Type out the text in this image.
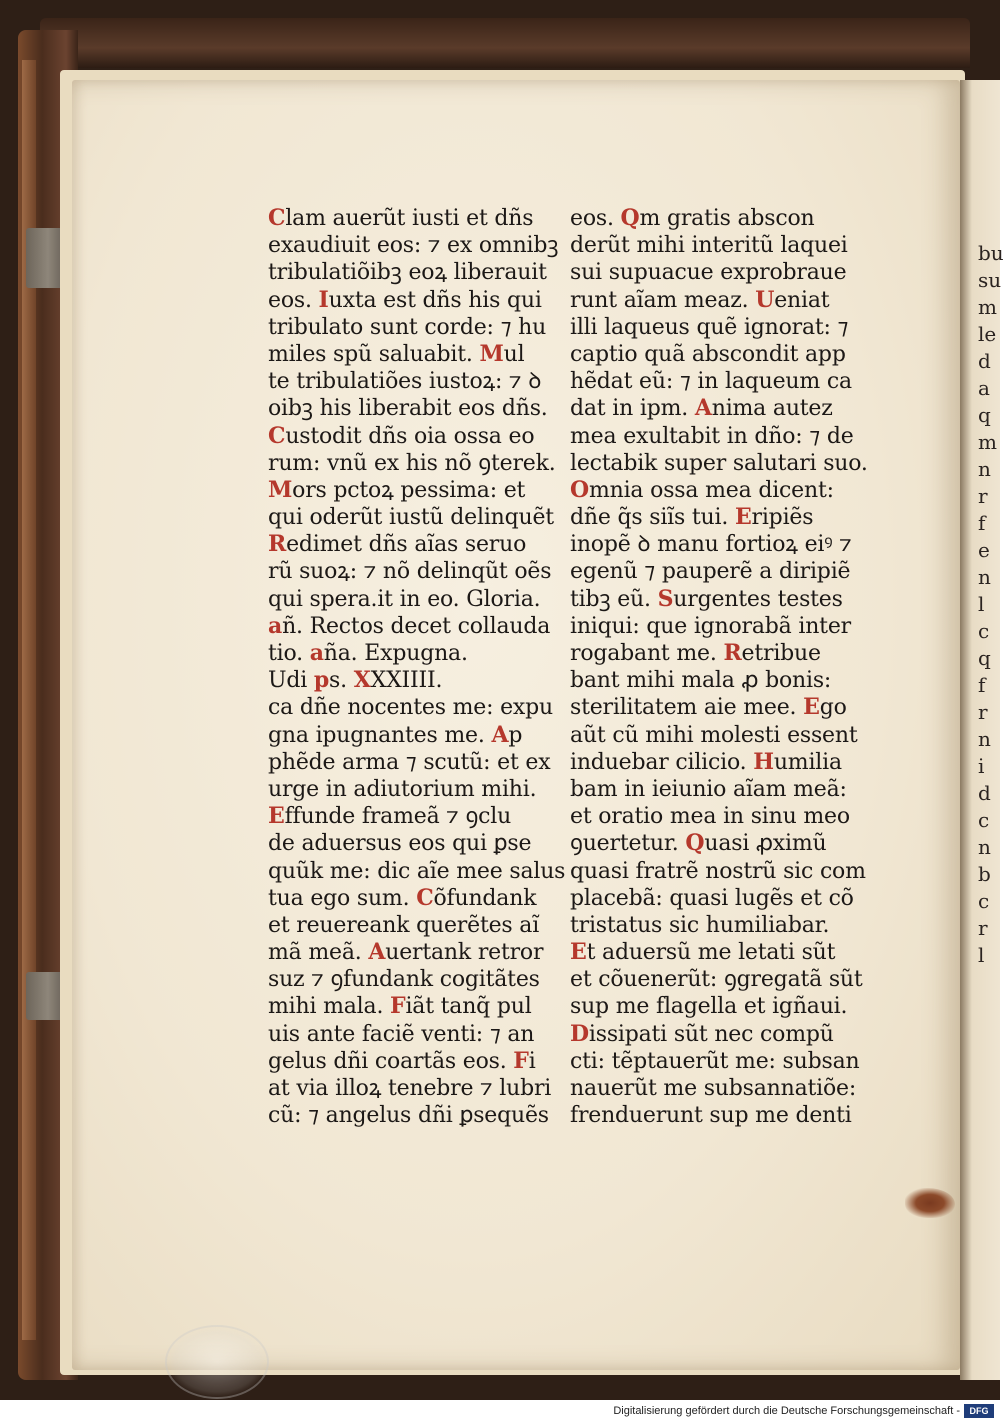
bu
su
m
le
d
a
q
m
n
r
f
e
n
l
c
q
f
r
n
i
d
c
n
b
c
r
l
Clam auerũt iusti et dñs
exaudiuit eos: ⁊ ex omnibꝫ
tribulatiõibꝫ eoꝝ liberauit
eos. Iuxta est dñs his qui
tribulato sunt corde: ⁊ hu
miles spũ saluabit. Mul
te tribulatiões iustoꝝ: ⁊ ꝺ
oibꝫ his liberabit eos dñs.
Custodit dñs oia ossa eo
rum: vnũ ex his nõ ꝯterek.
Mors pctoꝝ pessima: et
qui oderũt iustũ delinquẽt
Redimet dñs aĩas seruo
rũ suoꝝ: ⁊ nõ delinqũt oẽs
qui spera.it in eo. Gloria.
añ. Rectos decet collauda
tio. aña. Expugna.
Udi ps. XXXIIII.
ca dñe nocentes me: expu
gna ipugnantes me. Ap
phẽde arma ⁊ scutũ: et ex
urge in adiutorium mihi.
Effunde frameã ⁊ ꝯclu
de aduersus eos qui ꝑse
quũk me: dic aĩe mee salus
tua ego sum. Cõfundank
et reuereank querẽtes aĩ
mã meã. Auertank retror
suz ⁊ ꝯfundank cogitãtes
mihi mala. Fiãt tanq̃ pul
uis ante faciẽ venti: ⁊ an
gelus dñi coartãs eos. Fi
at via illoꝝ tenebre ⁊ lubri
cũ: ⁊ angelus dñi ꝑsequẽs
eos. Qm gratis abscon
derũt mihi interitũ laquei
sui supuacue exprobraue
runt aĩam meaz. Ueniat
illi laqueus quẽ ignorat: ⁊
captio quã abscondit app
hẽdat eũ: ⁊ in laqueum ca
dat in ipm. Anima autez
mea exultabit in dño: ⁊ de
lectabik super salutari suo.
Omnia ossa mea dicent:
dñe q̃s siĩs tui. Eripiẽs
inopẽ ꝺ manu fortioꝝ eiꝰ ⁊
egenũ ⁊ pauperẽ a diripiẽ
tibꝫ eũ. Surgentes testes
iniqui: que ignorabã inter
rogabant me. Retribue
bant mihi mala ꝓ bonis:
sterilitatem aie mee. Ego
aũt cũ mihi molesti essent
induebar cilicio. Humilia
bam in ieiunio aĩam meã:
et oratio mea in sinu meo
ꝯuertetur. Quasi ꝓximũ
quasi fratrẽ nostrũ sic com
placebã: quasi lugẽs et cõ
tristatus sic humiliabar.
Et aduersũ me letati sũt
et cõuenerũt: ꝯgregatã sũt
sup me flagella et igñaui.
Dissipati sũt nec compũ
cti: tẽptauerũt me: subsan
nauerũt me subsannatiõe:
frenduerunt sup me denti
Digitalisierung gefördert durch die Deutsche Forschungsgemeinschaft -	DFG
